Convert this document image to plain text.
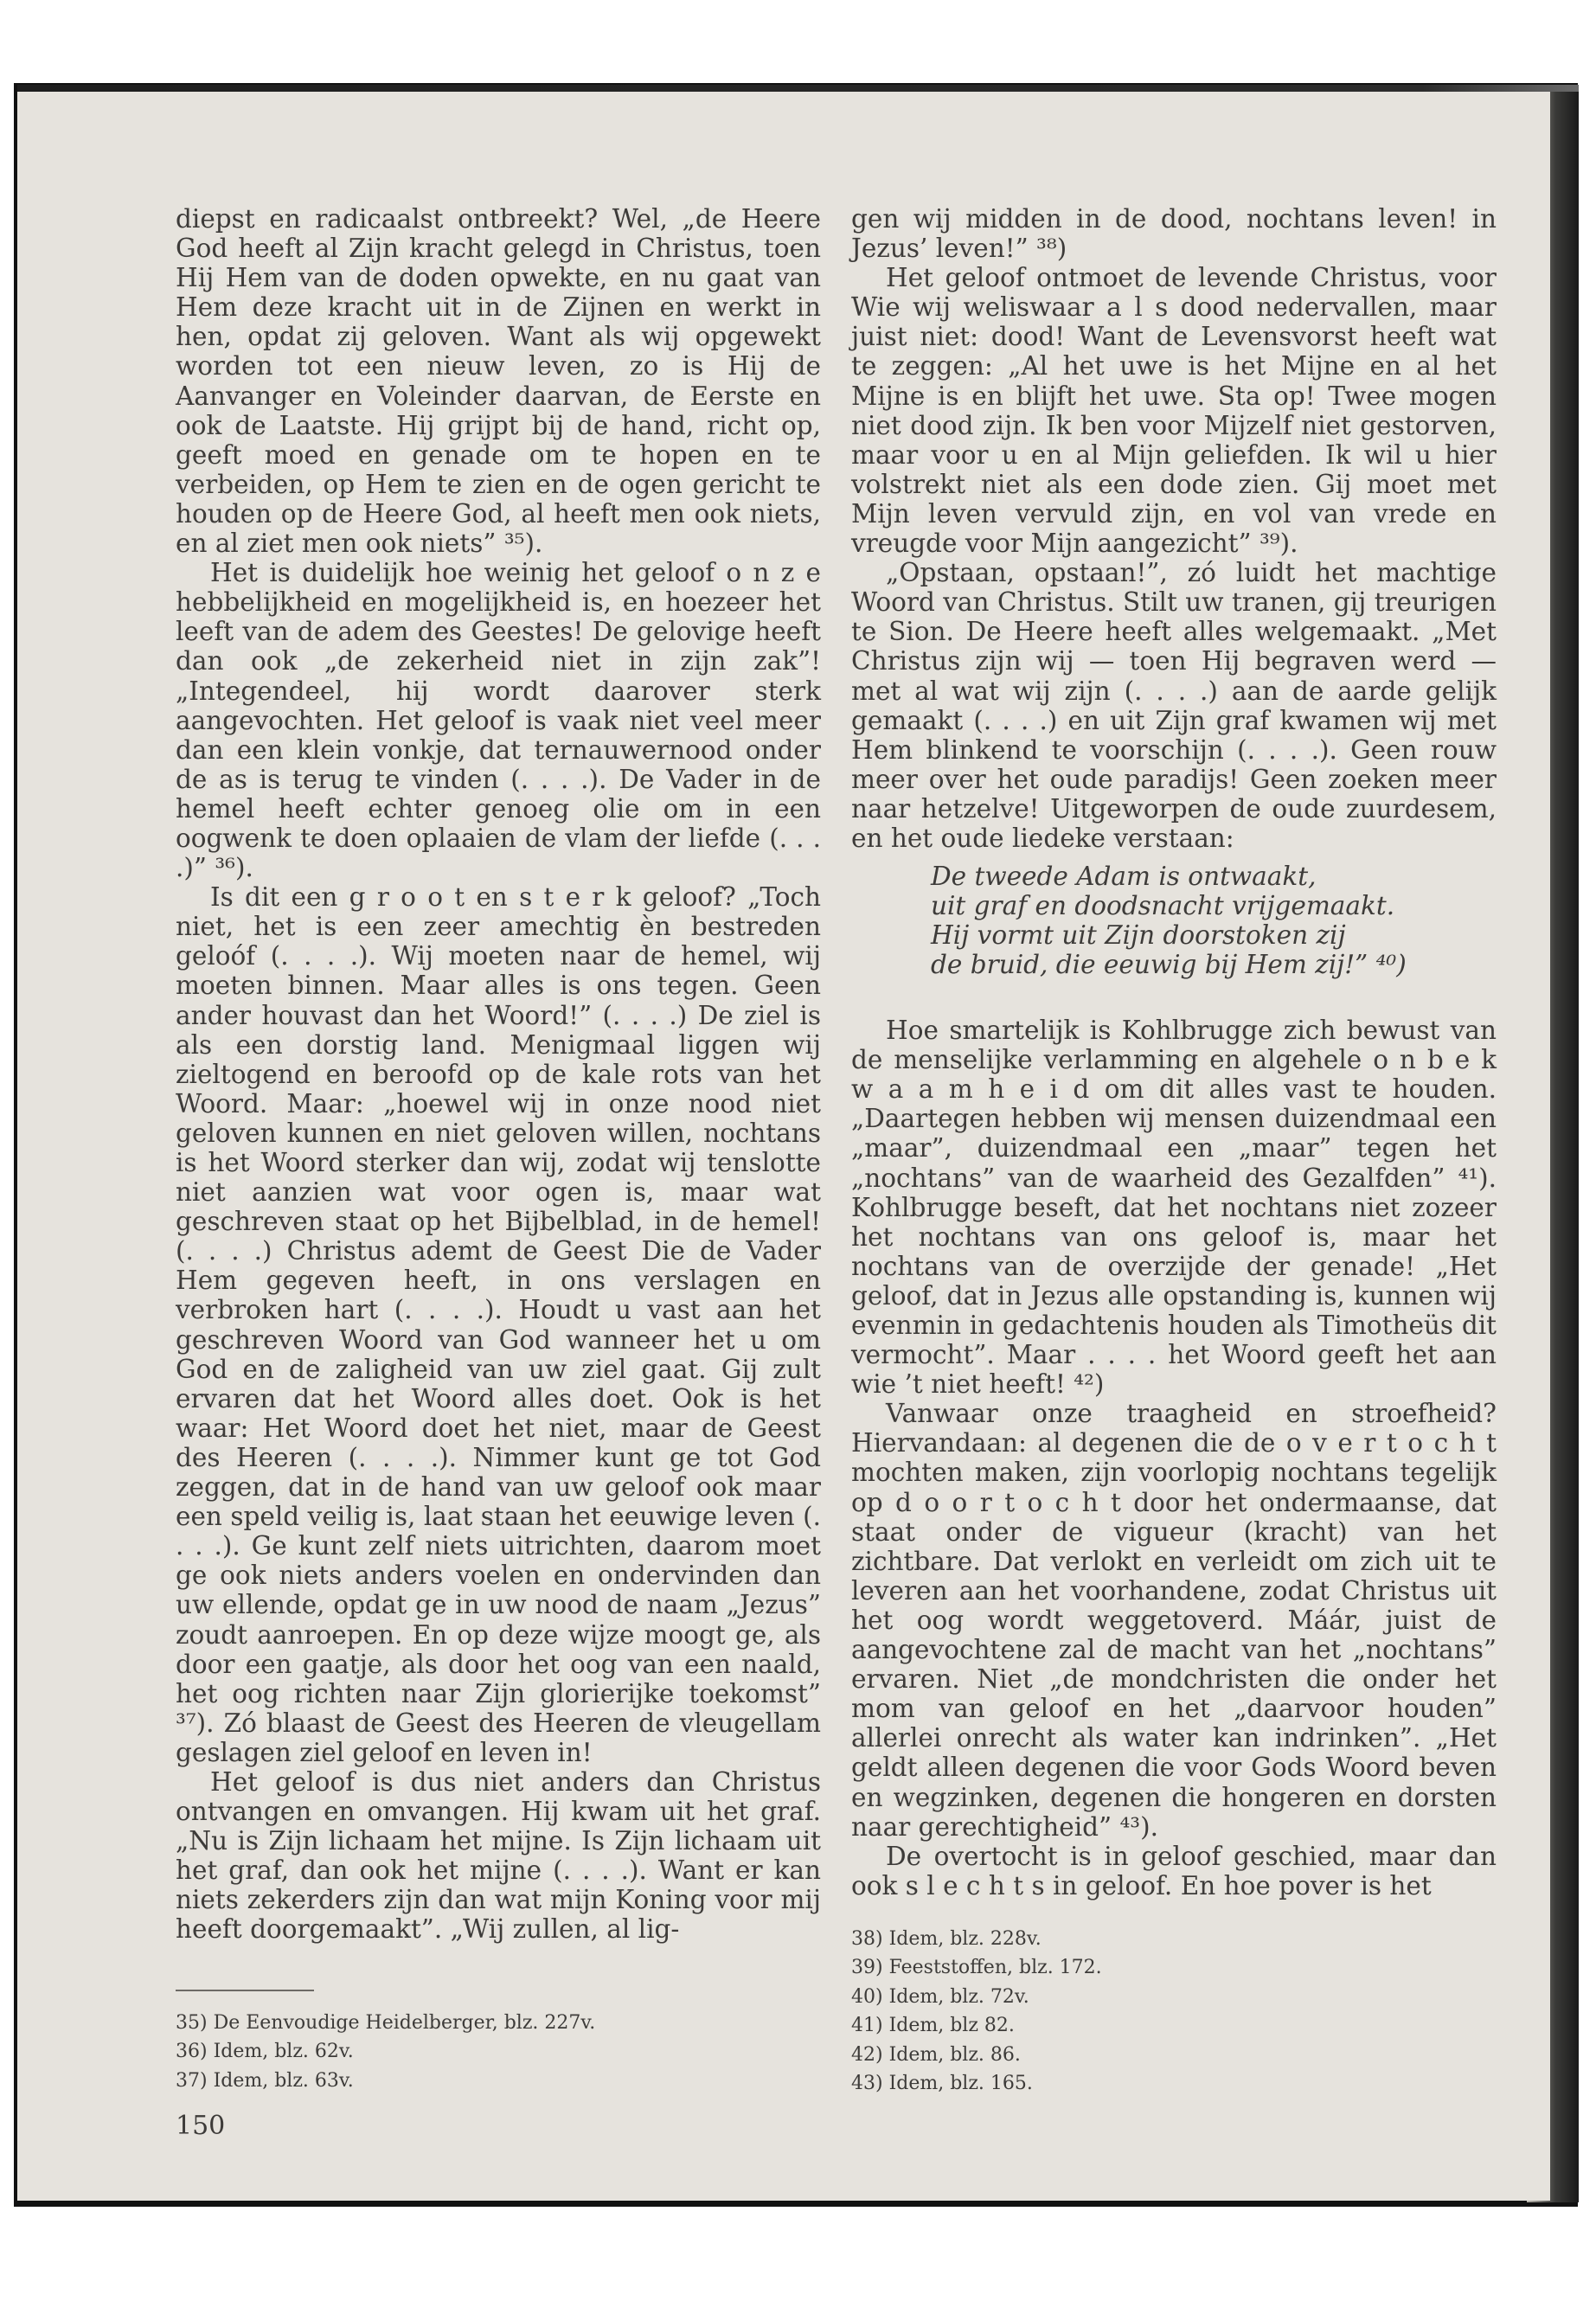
diepst en radicaalst ontbreekt? Wel, „de Heere God heeft al Zijn kracht gelegd in Christus, toen Hij Hem van de doden opwekte, en nu gaat van Hem deze kracht uit in de Zijnen en werkt in hen, opdat zij geloven. Want als wij opgewekt worden tot een nieuw leven, zo is Hij de Aanvanger en Voleinder daarvan, de Eerste en ook de Laatste. Hij grijpt bij de hand, richt op, geeft moed en genade om te hopen en te verbeiden, op Hem te zien en de ogen gericht te houden op de Heere God, al heeft men ook niets, en al ziet men ook niets” ³⁵).

Het is duidelijk hoe weinig het geloof o n z e hebbelijkheid en mogelijkheid is, en hoezeer het leeft van de adem des Geestes! De gelovige heeft dan ook „de zekerheid niet in zijn zak”! „Integendeel, hij wordt daarover sterk aangevochten. Het geloof is vaak niet veel meer dan een klein vonkje, dat ternauwernood onder de as is terug te vinden (. . . .). De Vader in de hemel heeft echter genoeg olie om in een oogwenk te doen oplaaien de vlam der liefde (. . . .)” ³⁶).

Is dit een g r o o t en s t e r k geloof? „Toch niet, het is een zeer amechtig èn bestreden geloóf (. . . .). Wij moeten naar de hemel, wij moeten binnen. Maar alles is ons tegen. Geen ander houvast dan het Woord!” (. . . .) De ziel is als een dorstig land. Menigmaal liggen wij zieltogend en beroofd op de kale rots van het Woord. Maar: „hoewel wij in onze nood niet geloven kunnen en niet geloven willen, nochtans is het Woord sterker dan wij, zodat wij tenslotte niet aanzien wat voor ogen is, maar wat geschreven staat op het Bijbelblad, in de hemel! (. . . .) Christus ademt de Geest Die de Vader Hem gegeven heeft, in ons verslagen en verbroken hart (. . . .). Houdt u vast aan het geschreven Woord van God wanneer het u om God en de zaligheid van uw ziel gaat. Gij zult ervaren dat het Woord alles doet. Ook is het waar: Het Woord doet het niet, maar de Geest des Heeren (. . . .). Nimmer kunt ge tot God zeggen, dat in de hand van uw geloof ook maar een speld veilig is, laat staan het eeuwige leven (. . . .). Ge kunt zelf niets uitrichten, daarom moet ge ook niets anders voelen en ondervinden dan uw ellende, opdat ge in uw nood de naam „Jezus” zoudt aanroepen. En op deze wijze moogt ge, als door een gaatje, als door het oog van een naald, het oog richten naar Zijn glorierijke toekomst” ³⁷). Zó blaast de Geest des Heeren de vleugellam geslagen ziel geloof en leven in!

Het geloof is dus niet anders dan Christus ontvangen en omvangen. Hij kwam uit het graf. „Nu is Zijn lichaam het mijne. Is Zijn lichaam uit het graf, dan ook het mijne (. . . .). Want er kan niets zekerders zijn dan wat mijn Koning voor mij heeft doorgemaakt”. „Wij zullen, al lig-

35) De Eenvoudige Heidelberger, blz. 227v.

36) Idem, blz. 62v.

37) Idem, blz. 63v.

gen wij midden in de dood, nochtans leven! in Jezus’ leven!” ³⁸)

Het geloof ontmoet de levende Christus, voor Wie wij weliswaar a l s dood nedervallen, maar juist niet: dood! Want de Levensvorst heeft wat te zeggen: „Al het uwe is het Mijne en al het Mijne is en blijft het uwe. Sta op! Twee mogen niet dood zijn. Ik ben voor Mijzelf niet gestorven, maar voor u en al Mijn geliefden. Ik wil u hier volstrekt niet als een dode zien. Gij moet met Mijn leven vervuld zijn, en vol van vrede en vreugde voor Mijn aangezicht” ³⁹).

„Opstaan, opstaan!”, zó luidt het machtige Woord van Christus. Stilt uw tranen, gij treurigen te Sion. De Heere heeft alles welgemaakt. „Met Christus zijn wij — toen Hij begraven werd — met al wat wij zijn (. . . .) aan de aarde gelijk gemaakt (. . . .) en uit Zijn graf kwamen wij met Hem blinkend te voorschijn (. . . .). Geen rouw meer over het oude paradijs! Geen zoeken meer naar hetzelve! Uitgeworpen de oude zuurdesem, en het oude liedeke verstaan:

De tweede Adam is ontwaakt,
uit graf en doodsnacht vrijgemaakt.
Hij vormt uit Zijn doorstoken zij
de bruid, die eeuwig bij Hem zij!” ⁴⁰)

Hoe smartelijk is Kohlbrugge zich bewust van de menselijke verlamming en algehele o n b e k w a a m h e i d om dit alles vast te houden. „Daartegen hebben wij mensen duizendmaal een „maar”, duizendmaal een „maar” tegen het „nochtans” van de waarheid des Gezalfden” ⁴¹). Kohlbrugge beseft, dat het nochtans niet zozeer het nochtans van ons geloof is, maar het nochtans van de overzijde der genade! „Het geloof, dat in Jezus alle opstanding is, kunnen wij evenmin in gedachtenis houden als Timotheüs dit vermocht”. Maar . . . . het Woord geeft het aan wie ’t niet heeft! ⁴²)

Vanwaar onze traagheid en stroefheid? Hiervandaan: al degenen die de o v e r t o c h t mochten maken, zijn voorlopig nochtans tegelijk op d o o r t o c h t door het ondermaanse, dat staat onder de vigueur (kracht) van het zichtbare. Dat verlokt en verleidt om zich uit te leveren aan het voorhandene, zodat Christus uit het oog wordt weggetoverd. Máár, juist de aangevochtene zal de macht van het „nochtans” ervaren. Niet „de mondchristen die onder het mom van geloof en het „daarvoor houden” allerlei onrecht als water kan indrinken”. „Het geldt alleen degenen die voor Gods Woord beven en wegzinken, degenen die hongeren en dorsten naar gerechtigheid” ⁴³).

De overtocht is in geloof geschied, maar dan ook s l e c h t s in geloof. En hoe pover is het

38) Idem, blz. 228v.

39) Feeststoffen, blz. 172.

40) Idem, blz. 72v.

41) Idem, blz 82.

42) Idem, blz. 86.

43) Idem, blz. 165.

150
